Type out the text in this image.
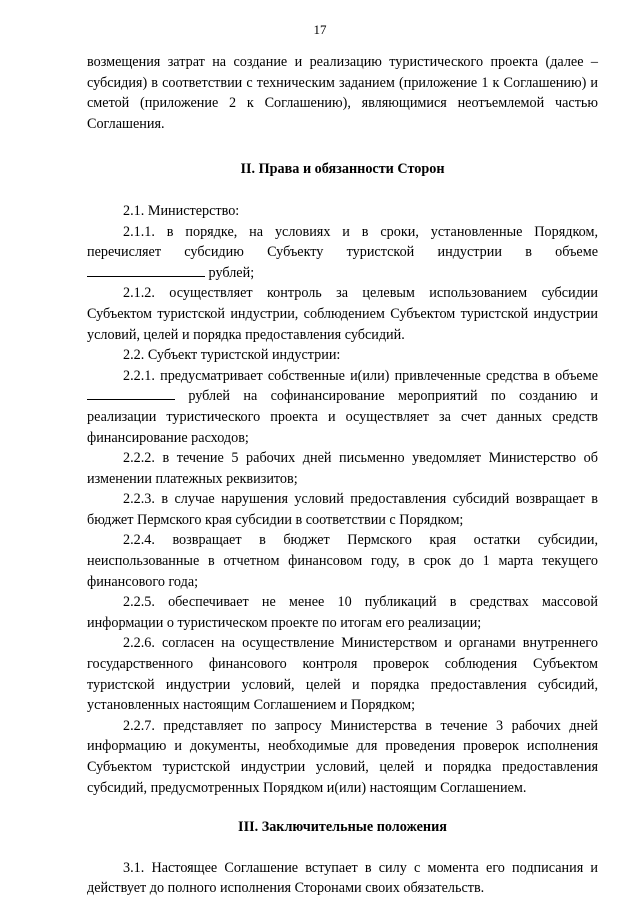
17

возмещения затрат на создание и реализацию туристического проекта (далее – субсидия) в соответствии с техническим заданием (приложение 1 к Соглашению) и сметой (приложение 2 к Соглашению), являющимися неотъемлемой частью Соглашения.

II. Права и обязанности Сторон

2.1. Министерство:

2.1.1. в порядке, на условиях и в сроки, установленные Порядком, перечисляет субсидию Субъекту туристской индустрии в объеме  рублей;

2.1.2. осуществляет контроль за целевым использованием субсидии Субъектом туристской индустрии, соблюдением Субъектом туристской индустрии условий, целей и порядка предоставления субсидий.

2.2. Субъект туристской индустрии:

2.2.1. предусматривает собственные и(или) привлеченные средства в объеме  рублей на софинансирование мероприятий по созданию и реализации туристического проекта и осуществляет за счет данных средств финансирование расходов;

2.2.2. в течение 5 рабочих дней письменно уведомляет Министерство об изменении платежных реквизитов;

2.2.3. в случае нарушения условий предоставления субсидий возвращает в бюджет Пермского края субсидии в соответствии с Порядком;

2.2.4. возвращает в бюджет Пермского края остатки субсидии, неиспользованные в отчетном финансовом году, в срок до 1 марта текущего финансового года;

2.2.5. обеспечивает не менее 10 публикаций в средствах массовой информации о туристическом проекте по итогам его реализации;

2.2.6. согласен на осуществление Министерством и органами внутреннего государственного финансового контроля проверок соблюдения Субъектом туристской индустрии условий, целей и порядка предоставления субсидий, установленных настоящим Соглашением и Порядком;

2.2.7. представляет по запросу Министерства в течение 3 рабочих дней информацию и документы, необходимые для проведения проверок исполнения Субъектом туристской индустрии условий, целей и порядка предоставления субсидий, предусмотренных Порядком и(или) настоящим Соглашением.

III. Заключительные положения

3.1. Настоящее Соглашение вступает в силу с момента его подписания и действует до полного исполнения Сторонами своих обязательств.
